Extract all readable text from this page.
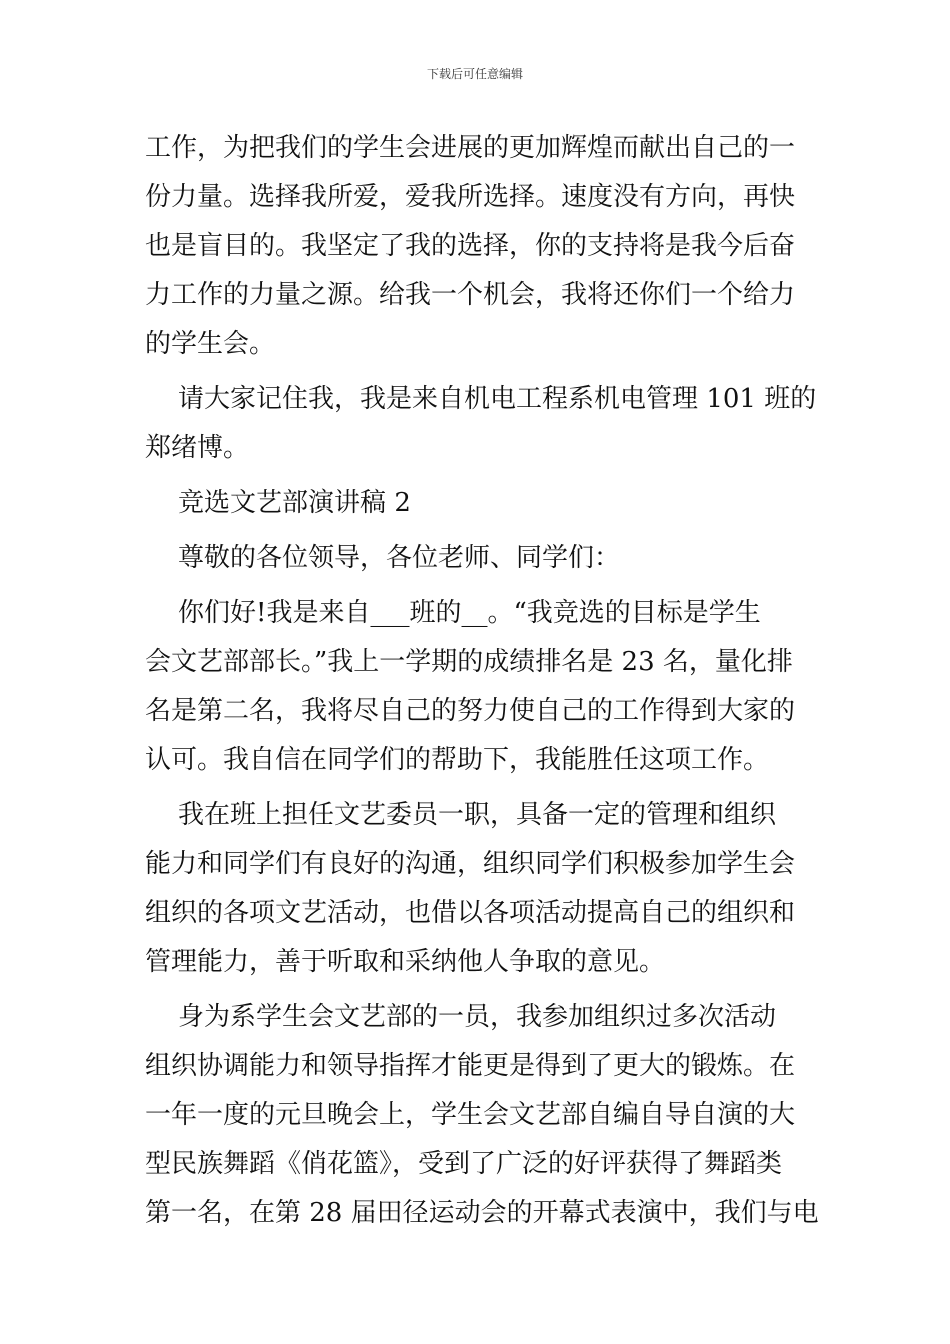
下载后可任意编辑
工作，为把我们的学生会进展的更加辉煌而献出自己的一
份力量。选择我所爱，爱我所选择。速度没有方向，再快
也是盲目的。我坚定了我的选择，你的支持将是我今后奋
力工作的力量之源。给我一个机会，我将还你们一个给力
的学生会。
请大家记住我，我是来自机电工程系机电管理 101 班的
郑绪博。
竞选文艺部演讲稿 2
尊敬的各位领导，各位老师、同学们：
你们好!我是来自___班的__。“我竞选的目标是学生
会文艺部部长。”我上一学期的成绩排名是 23 名，量化排
名是第二名，我将尽自己的努力使自己的工作得到大家的
认可。我自信在同学们的帮助下，我能胜任这项工作。
我在班上担任文艺委员一职，具备一定的管理和组织
能力和同学们有良好的沟通，组织同学们积极参加学生会
组织的各项文艺活动，也借以各项活动提高自己的组织和
管理能力，善于听取和采纳他人争取的意见。
身为系学生会文艺部的一员，我参加组织过多次活动
组织协调能力和领导指挥才能更是得到了更大的锻炼。在
一年一度的元旦晚会上，学生会文艺部自编自导自演的大
型民族舞蹈《俏花篮》，受到了广泛的好评获得了舞蹈类
第一名，在第 28 届田径运动会的开幕式表演中，我们与电
